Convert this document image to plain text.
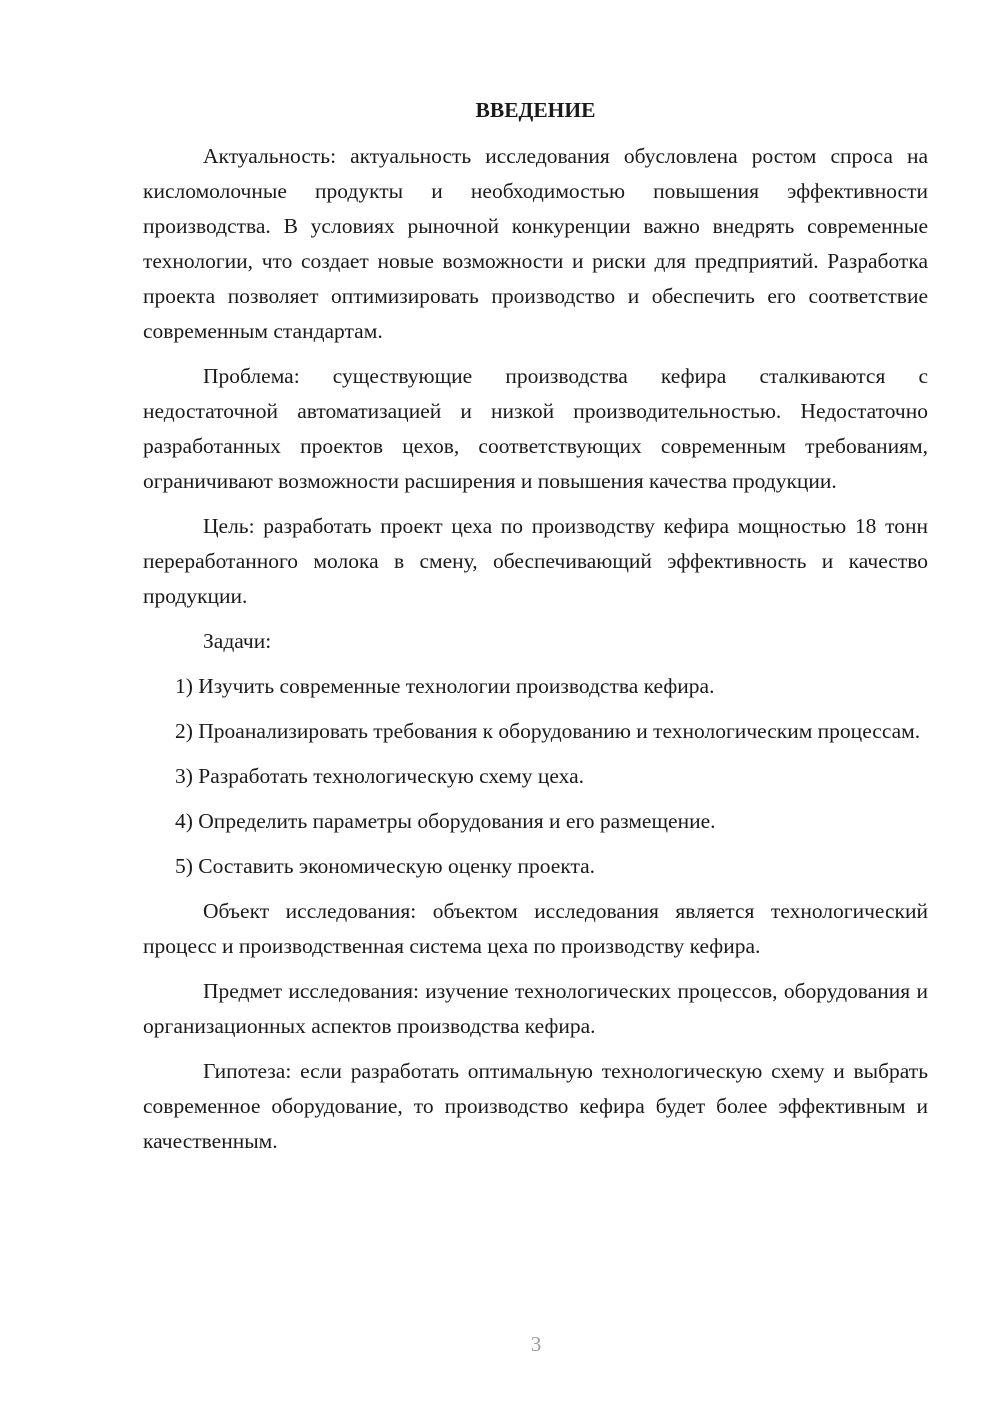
ВВЕДЕНИЕ

Актуальность: актуальность исследования обусловлена ростом спроса на кисломолочные продукты и необходимостью повышения эффективности производства. В условиях рыночной конкуренции важно внедрять современные технологии, что создает новые возможности и риски для предприятий. Разработка проекта позволяет оптимизировать производство и обеспечить его соответствие современным стандартам.

Проблема: существующие производства кефира сталкиваются с недостаточной автоматизацией и низкой производительностью. Недостаточно разработанных проектов цехов, соответствующих современным требованиям, ограничивают возможности расширения и повышения качества продукции.

Цель: разработать проект цеха по производству кефира мощностью 18 тонн переработанного молока в смену, обеспечивающий эффективность и качество продукции.

Задачи:

1) Изучить современные технологии производства кефира.

2) Проанализировать требования к оборудованию и технологическим процессам.

3) Разработать технологическую схему цеха.

4) Определить параметры оборудования и его размещение.

5) Составить экономическую оценку проекта.

Объект исследования: объектом исследования является технологический процесс и производственная система цеха по производству кефира.

Предмет исследования: изучение технологических процессов, оборудования и организационных аспектов производства кефира.

Гипотеза: если разработать оптимальную технологическую схему и выбрать современное оборудование, то производство кефира будет более эффективным и качественным.

3
